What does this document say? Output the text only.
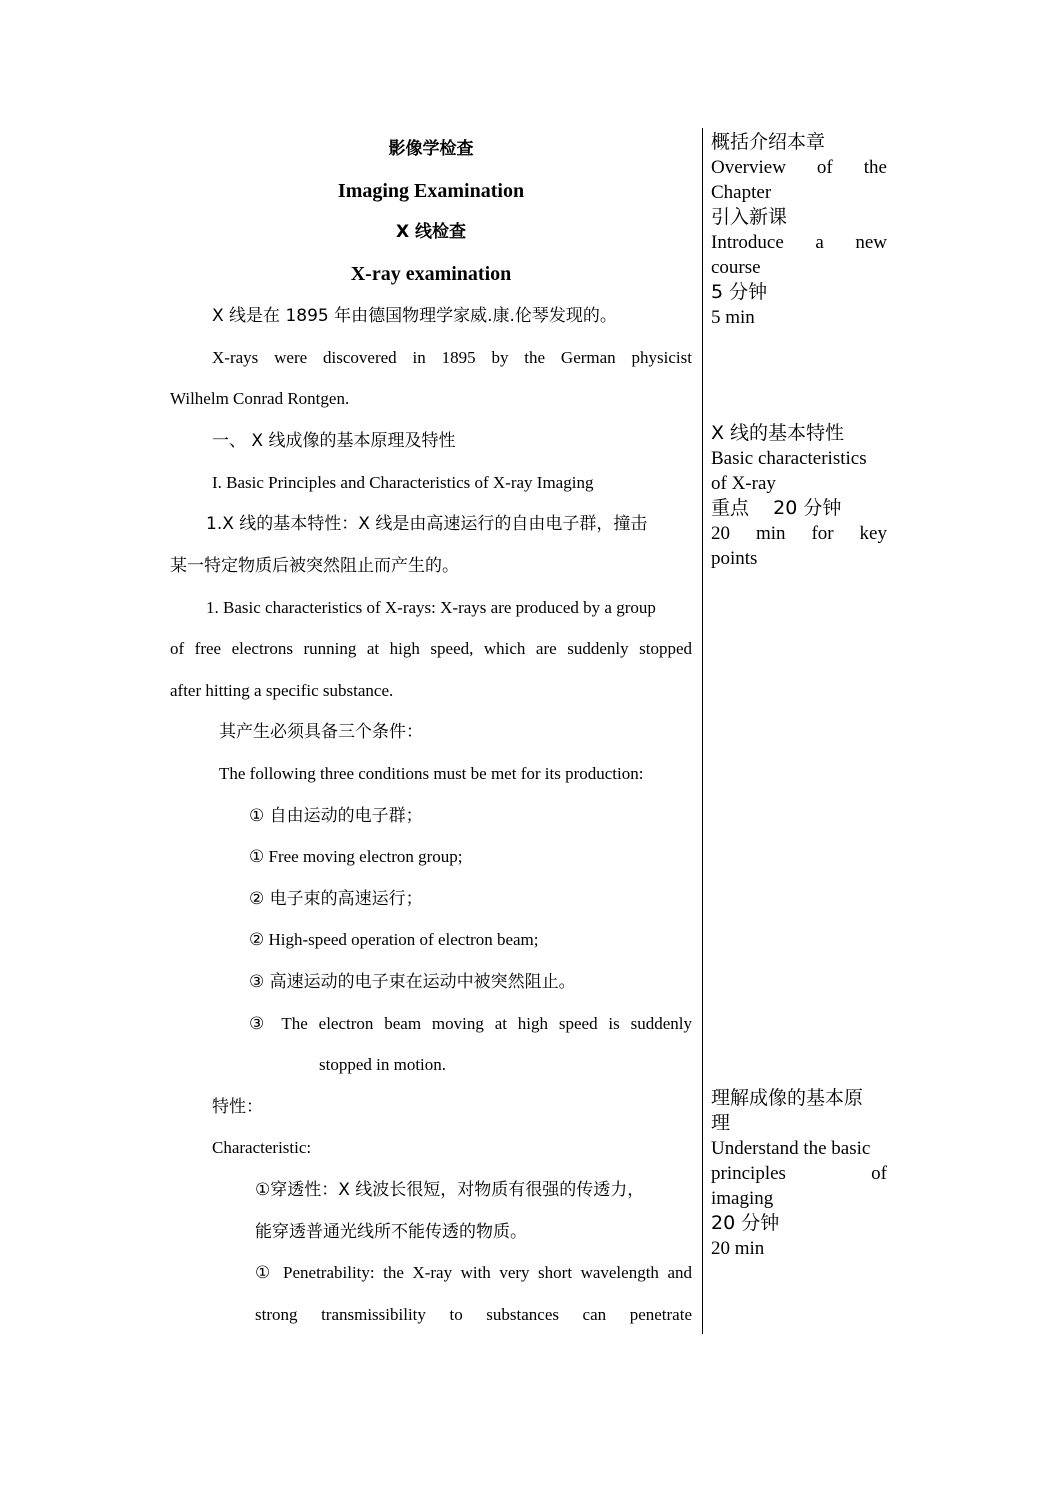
影像学检查
Imaging Examination
X 线检查
X-ray examination
X 线是在 1895 年由德国物理学家威.康.伦琴发现的。
X-rays were discovered in 1895 by the German physicist
Wilhelm Conrad Rontgen.
一、 X 线成像的基本原理及特性
I. Basic Principles and Characteristics of X-ray Imaging
1.X 线的基本特性：X 线是由高速运行的自由电子群，撞击
某一特定物质后被突然阻止而产生的。
1. Basic characteristics of X-rays: X-rays are produced by a group
of free electrons running at high speed, which are suddenly stopped
after hitting a specific substance.
其产生必须具备三个条件：
The following three conditions must be met for its production:
① 自由运动的电子群；
① Free moving electron group;
② 电子束的高速运行；
② High-speed operation of electron beam;
③ 高速运动的电子束在运动中被突然阻止。
③ The electron beam moving at high speed is suddenly
stopped in motion.
特性：
Characteristic:
①穿透性：X 线波长很短，对物质有很强的传透力，
能穿透普通光线所不能传透的物质。
① Penetrability: the X-ray with very short wavelength and
strong transmissibility to substances can penetrate
概括介绍本章
Overview of the
Chapter
引入新课
Introduce a new
course
5 分钟
5 min
X 线的基本特性
Basic characteristics
of X-ray
重点    20 分钟
20 min for key
points
理解成像的基本原
理
Understand the basic
principles of
imaging
20 分钟
20 min
